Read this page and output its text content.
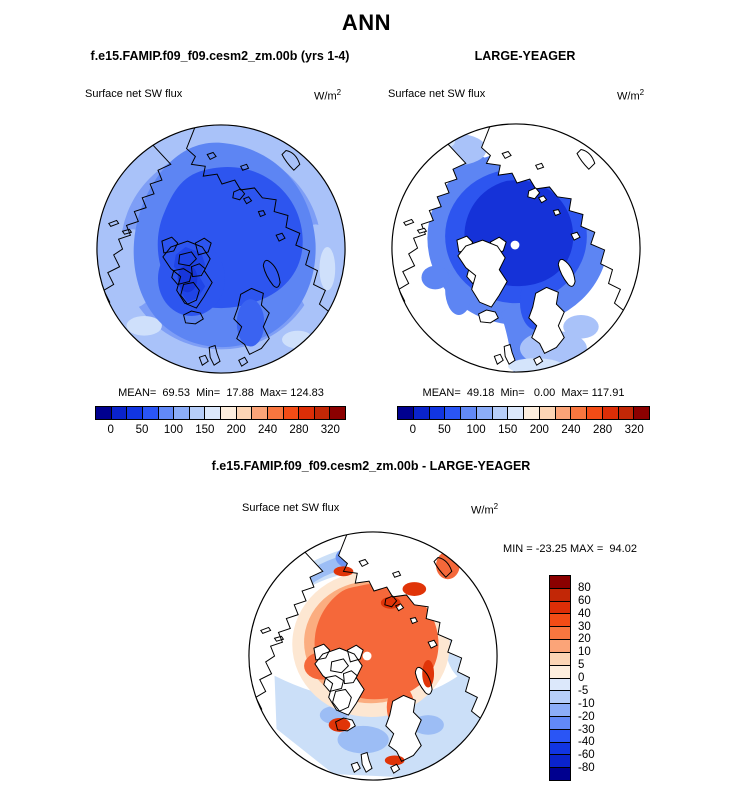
ANN
f.e15.FAMIP.f09_f09.cesm2_zm.00b (yrs 1-4)	LARGE-YEAGER
Surface net SW flux	$W/m^2$	Surface net SW flux	$W/m^2$
MEAN=  69.53  Min=  17.88  Max= 124.83	MEAN=  49.18  Min=   0.00  Max= 117.91
0 50 100 150 200 240 280 320	0 50 100 150 200 240 280 320
f.e15.FAMIP.f09_f09.cesm2_zm.00b - LARGE-YEAGER
Surface net SW flux	$W/m^2$
MIN = -23.25 MAX =  94.02
80
60
40
30
20
10
5
0
-5
-10
-20
-30
-40
-60
-80
